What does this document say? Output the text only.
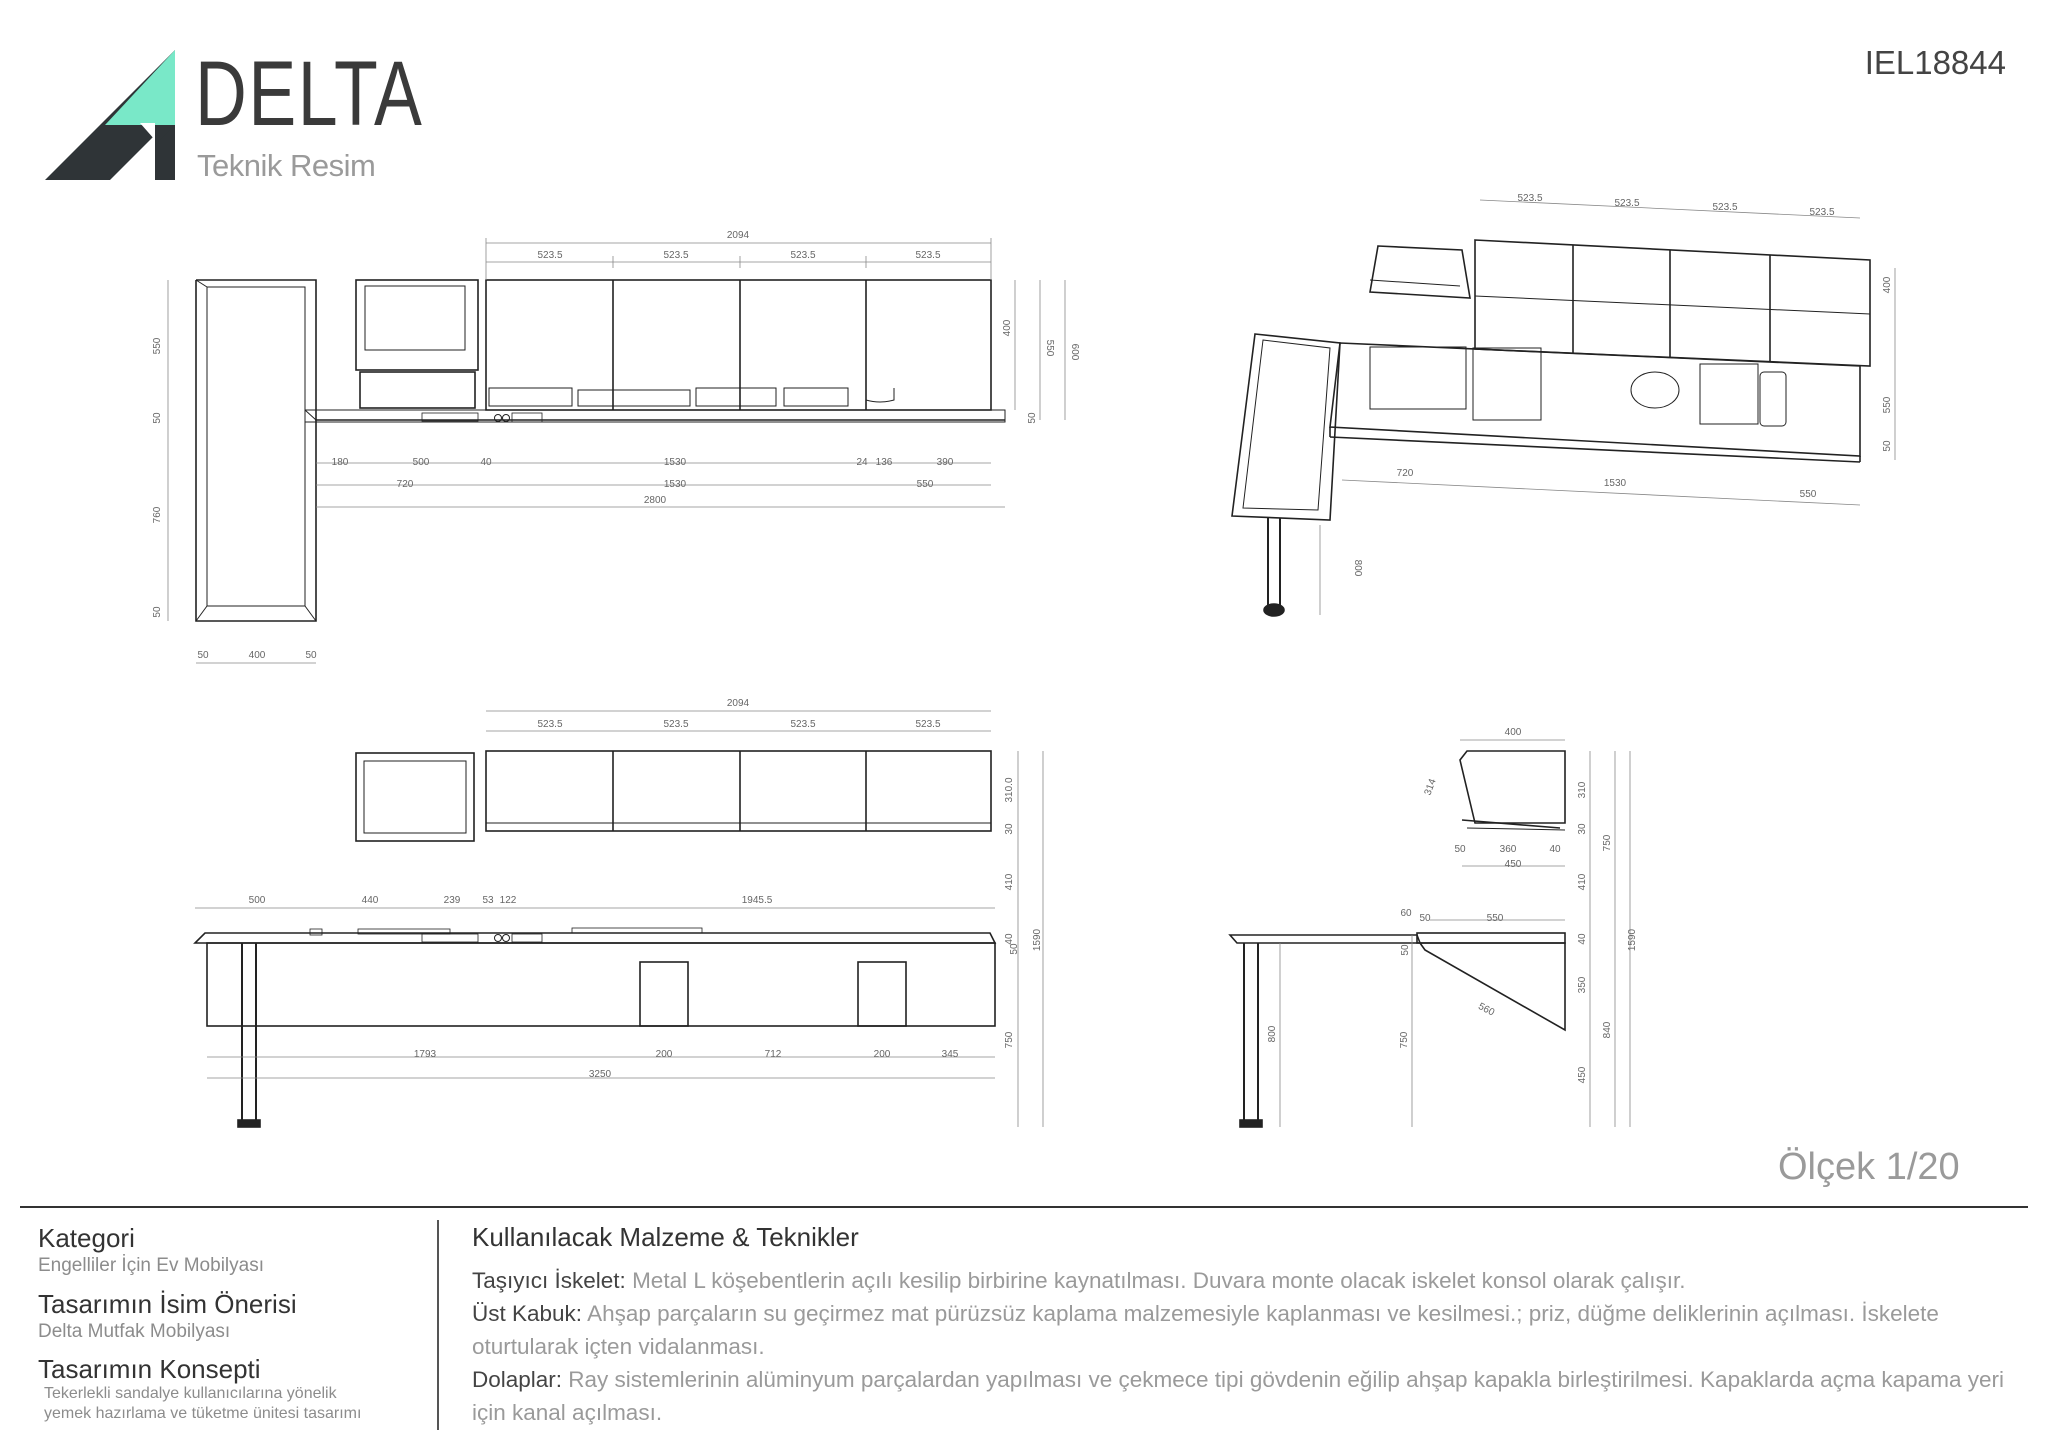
DELTA
Teknik Resim
IEL18844
2094
523.5	523.5	523.5	523.5
550
50
760
50
50	400	50
400
550 600
50
180	500	40	1530	24 136	390
720	1530	550
2800
523.5	523.5	523.5	523.5
400
550
50
720
1530
550
800
2094
523.5	523.5	523.5	523.5
310.0
30
410
1590
40
50
750
500	440	239 53 122	1945.5
1793	200	712	200	345
3250
400
314	310
30
750
50	360	40
450
410
1590
60 50	550
40
50
350
840
560
800	750
450
Ölçek 1/20
Kategori
Engelliler İçin Ev Mobilyası
Tasarımın İsim Önerisi
Delta Mutfak Mobilyası
Tasarımın Konsepti
Tekerlekli sandalye kullanıcılarına yönelik
yemek hazırlama ve tüketme ünitesi tasarımı
Kullanılacak Malzeme & Teknikler
Taşıyıcı İskelet: Metal L köşebentlerin açılı kesilip birbirine kaynatılması. Duvara monte olacak iskelet konsol olarak çalışır.
Üst Kabuk: Ahşap parçaların su geçirmez mat pürüzsüz kaplama malzemesiyle kaplanması ve kesilmesi.; priz, düğme deliklerinin açılması. İskelete oturtularak içten vidalanması.
Dolaplar: Ray sistemlerinin alüminyum parçalardan yapılması ve çekmece tipi gövdenin eğilip ahşap kapakla birleştirilmesi. Kapaklarda açma kapama yeri için kanal açılması.
